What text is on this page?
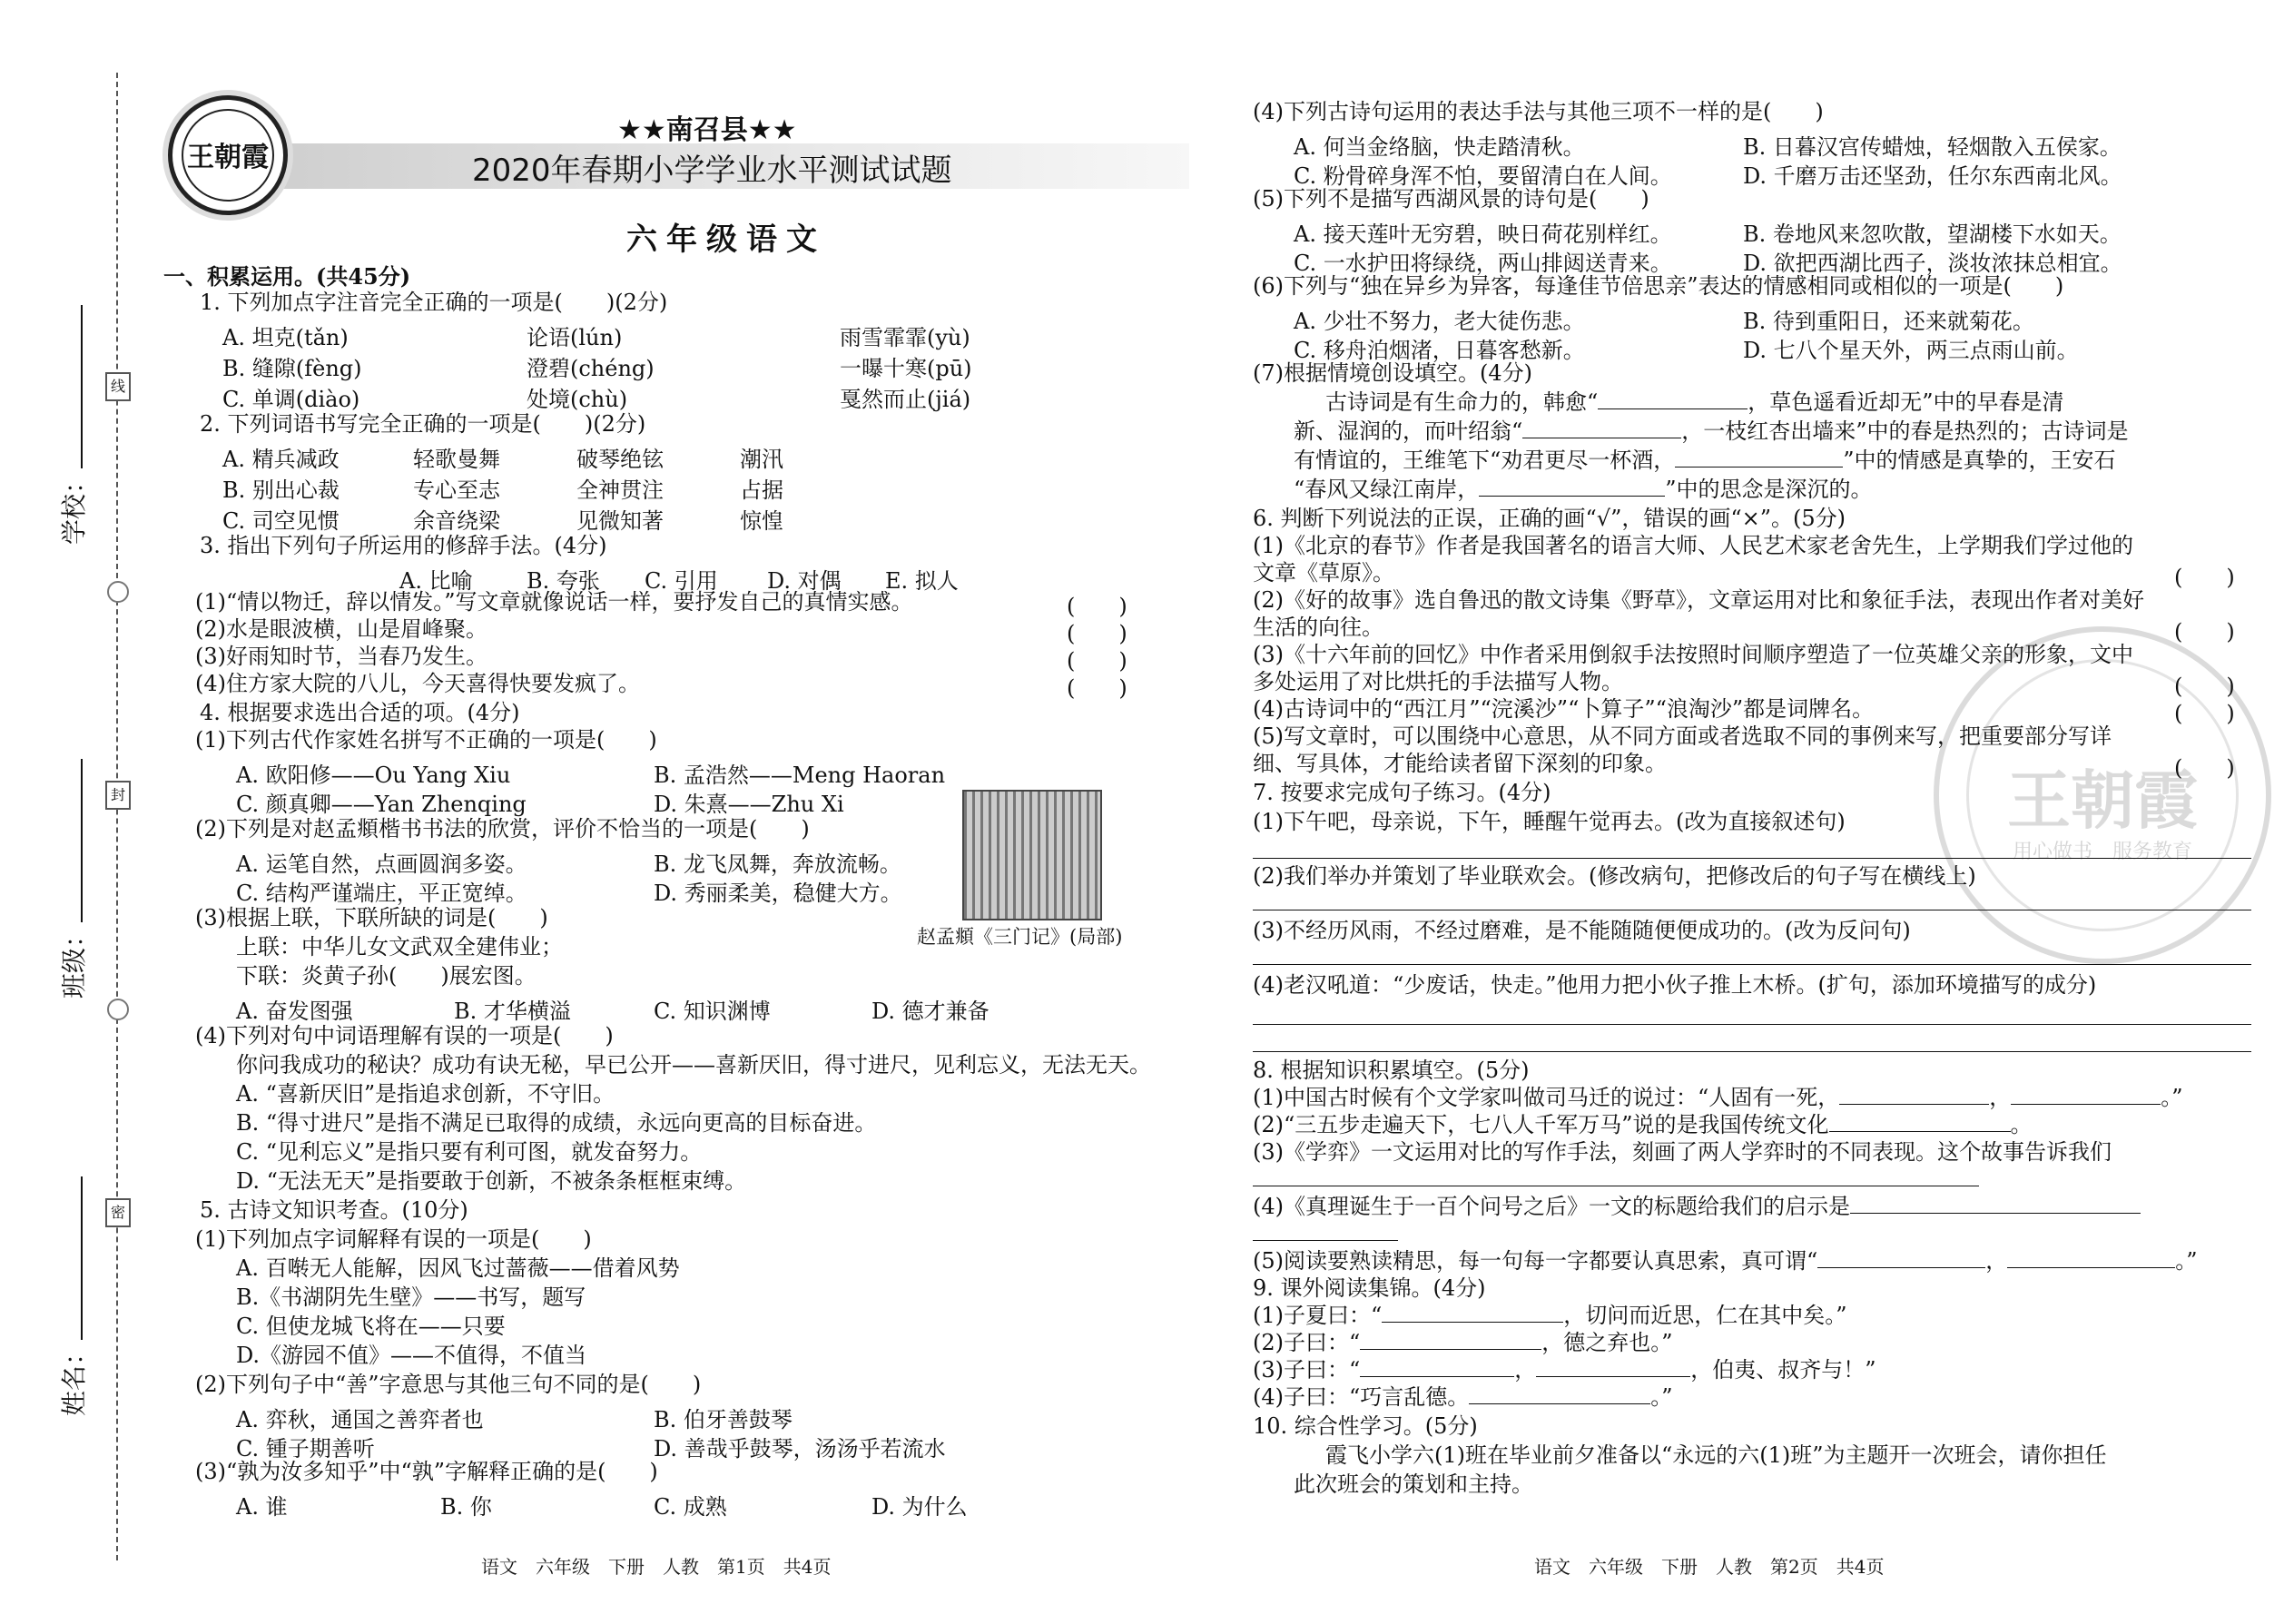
学校：
班级：
姓名：
线
封
密
王朝霞
★★南召县★★
2020年春期小学学业水平测试试题
六年级语文
一、积累运用。(共45分)
1. 下列加点字注音完全正确的一项是(　　)(2分)
A. 坦克(tǎn)	论语(lún)	雨雪霏霏(yù)
B. 缝隙(fèng)	澄碧(chéng)	一曝十寒(pū)
C. 单调(diào)	处境(chù)	戛然而止(jiá)
2. 下列词语书写完全正确的一项是(　　)(2分)
A. 精兵减政	轻歌曼舞	破琴绝铉	潮汛
B. 别出心裁	专心至志	全神贯注	占据
C. 司空见惯	余音绕梁	见微知著	惊惶
3. 指出下列句子所运用的修辞手法。(4分)
A. 比喻 B. 夸张 C. 引用 D. 对偶 E. 拟人
(1)“情以物迁，辞以情发。”写文章就像说话一样，要抒发自己的真情实感。	(　　)
(2)水是眼波横，山是眉峰聚。	(　　)
(3)好雨知时节，当春乃发生。	(　　)
(4)住方家大院的八儿，今天喜得快要发疯了。	(　　)
4. 根据要求选出合适的项。(4分)
(1)下列古代作家姓名拼写不正确的一项是(　　)
A. 欧阳修——Ou Yang Xiu	B. 孟浩然——Meng Haoran
C. 颜真卿——Yan Zhenqing	D. 朱熹——Zhu Xi
(2)下列是对赵孟頫楷书书法的欣赏，评价不恰当的一项是(　　)
A. 运笔自然，点画圆润多姿。	B. 龙飞凤舞，奔放流畅。
C. 结构严谨端庄，平正宽绰。	D. 秀丽柔美，稳健大方。
赵孟頫《三门记》(局部)
(3)根据上联，下联所缺的词是(　　)
上联：中华儿女文武双全建伟业；
下联：炎黄子孙(　　)展宏图。
A. 奋发图强	B. 才华横溢	C. 知识渊博	D. 德才兼备
(4)下列对句中词语理解有误的一项是(　　)
你问我成功的秘诀？成功有诀无秘，早已公开——喜新厌旧，得寸进尺，见利忘义，无法无天。
A. “喜新厌旧”是指追求创新，不守旧。
B. “得寸进尺”是指不满足已取得的成绩，永远向更高的目标奋进。
C. “见利忘义”是指只要有利可图，就发奋努力。
D. “无法无天”是指要敢于创新，不被条条框框束缚。
5. 古诗文知识考查。(10分)
(1)下列加点字词解释有误的一项是(　　)
A. 百啭无人能解，因风飞过蔷薇——借着风势
B.《书湖阴先生壁》——书写，题写
C. 但使龙城飞将在——只要
D.《游园不值》——不值得，不值当
(2)下列句子中“善”字意思与其他三句不同的是(　　)
A. 弈秋，通国之善弈者也	B. 伯牙善鼓琴
C. 锺子期善听	D. 善哉乎鼓琴，汤汤乎若流水
(3)“孰为汝多知乎”中“孰”字解释正确的是(　　)
A. 谁	B. 你	C. 成熟	D. 为什么
语文　六年级　下册　人教　第1页　共4页
王朝霞
用心做书　服务教育
(4)下列古诗句运用的表达手法与其他三项不一样的是(　　)
A. 何当金络脑，快走踏清秋。	B. 日暮汉宫传蜡烛，轻烟散入五侯家。
C. 粉骨碎身浑不怕，要留清白在人间。	D. 千磨万击还坚劲，任尔东西南北风。
(5)下列不是描写西湖风景的诗句是(　　)
A. 接天莲叶无穷碧，映日荷花别样红。	B. 卷地风来忽吹散，望湖楼下水如天。
C. 一水护田将绿绕，两山排闼送青来。	D. 欲把西湖比西子，淡妆浓抹总相宜。
(6)下列与“独在异乡为异客，每逢佳节倍思亲”表达的情感相同或相似的一项是(　　)
A. 少壮不努力，老大徒伤悲。	B. 待到重阳日，还来就菊花。
C. 移舟泊烟渚，日暮客愁新。	D. 七八个星天外，两三点雨山前。
(7)根据情境创设填空。(4分)
古诗词是有生命力的，韩愈“	，草色遥看近却无”中的早春是清
新、湿润的，而叶绍翁“	，一枝红杏出墙来”中的春是热烈的；古诗词是
有情谊的，王维笔下“劝君更尽一杯酒，	”中的情感是真挚的，王安石
“春风又绿江南岸，	”中的思念是深沉的。
6. 判断下列说法的正误，正确的画“√”，错误的画“×”。(5分)
(1)《北京的春节》作者是我国著名的语言大师、人民艺术家老舍先生，上学期我们学过他的
文章《草原》。	(　　)
(2)《好的故事》选自鲁迅的散文诗集《野草》，文章运用对比和象征手法，表现出作者对美好
生活的向往。	(　　)
(3)《十六年前的回忆》中作者采用倒叙手法按照时间顺序塑造了一位英雄父亲的形象，文中
多处运用了对比烘托的手法描写人物。	(　　)
(4)古诗词中的“西江月”“浣溪沙”“卜算子”“浪淘沙”都是词牌名。	(　　)
(5)写文章时，可以围绕中心意思，从不同方面或者选取不同的事例来写，把重要部分写详
细、写具体，才能给读者留下深刻的印象。	(　　)
7. 按要求完成句子练习。(4分)
(1)下午吧，母亲说，下午，睡醒午觉再去。(改为直接叙述句)
(2)我们举办并策划了毕业联欢会。(修改病句，把修改后的句子写在横线上)
(3)不经历风雨，不经过磨难，是不能随随便便成功的。(改为反问句)
(4)老汉吼道：“少废话，快走。”他用力把小伙子推上木桥。(扩句，添加环境描写的成分)
8. 根据知识积累填空。(5分)
(1)中国古时候有个文学家叫做司马迁的说过：“人固有一死，	，	。”
(2)“三五步走遍天下，七八人千军万马”说的是我国传统文化	。
(3)《学弈》一文运用对比的写作手法，刻画了两人学弈时的不同表现。这个故事告诉我们
(4)《真理诞生于一百个问号之后》一文的标题给我们的启示是
(5)阅读要熟读精思，每一句每一字都要认真思索，真可谓“	，	。”
9. 课外阅读集锦。(4分)
(1)子夏曰：“	，切问而近思，仁在其中矣。”
(2)子曰：“	，德之弃也。”
(3)子曰：“	，	，伯夷、叔齐与！”
(4)子曰：“巧言乱德。	。”
10. 综合性学习。(5分)
霞飞小学六(1)班在毕业前夕准备以“永远的六(1)班”为主题开一次班会，请你担任
此次班会的策划和主持。
语文　六年级　下册　人教　第2页　共4页
